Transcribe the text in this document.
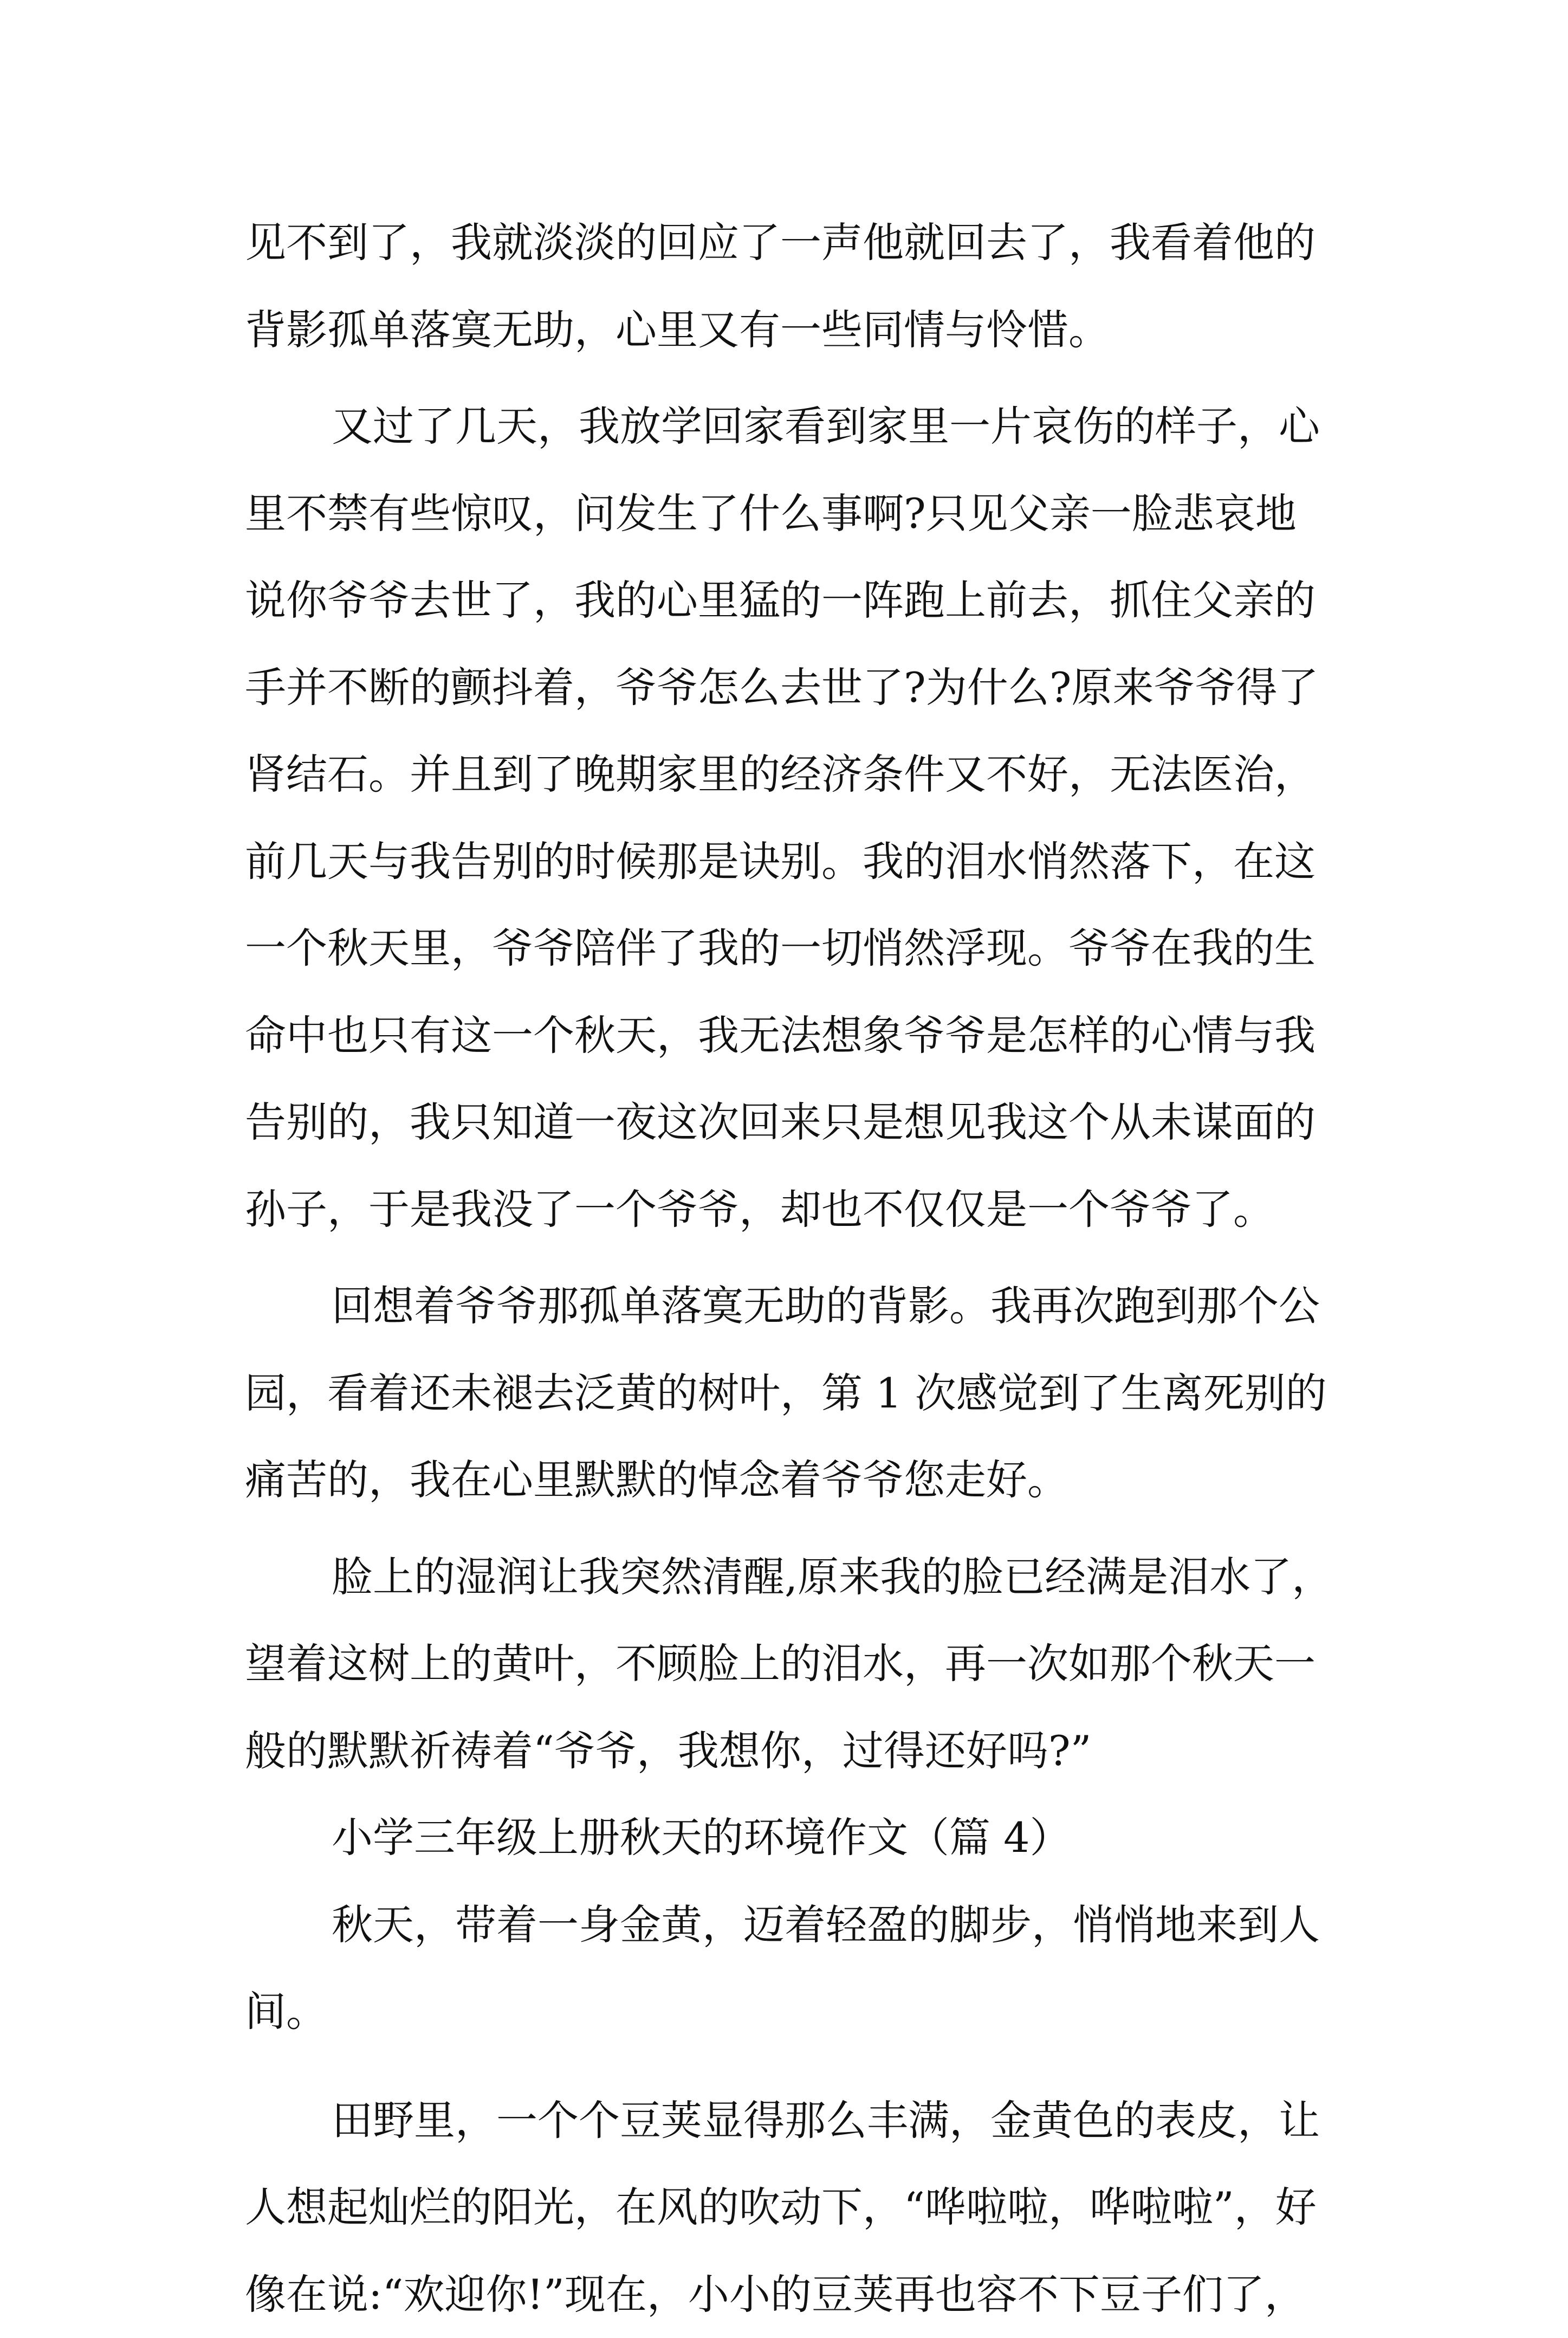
见不到了，我就淡淡的回应了一声他就回去了，我看着他的
背影孤单落寞无助，心里又有一些同情与怜惜。
又过了几天，我放学回家看到家里一片哀伤的样子，心
里不禁有些惊叹，问发生了什么事啊?只见父亲一脸悲哀地
说你爷爷去世了，我的心里猛的一阵跑上前去，抓住父亲的
手并不断的颤抖着，爷爷怎么去世了?为什么?原来爷爷得了
肾结石。并且到了晚期家里的经济条件又不好，无法医治，
前几天与我告别的时候那是诀别。我的泪水悄然落下，在这
一个秋天里，爷爷陪伴了我的一切悄然浮现。爷爷在我的生
命中也只有这一个秋天，我无法想象爷爷是怎样的心情与我
告别的，我只知道一夜这次回来只是想见我这个从未谋面的
孙子，于是我没了一个爷爷，却也不仅仅是一个爷爷了。
回想着爷爷那孤单落寞无助的背影。我再次跑到那个公
园，看着还未褪去泛黄的树叶，第 1 次感觉到了生离死别的
痛苦的，我在心里默默的悼念着爷爷您走好。
脸上的湿润让我突然清醒,原来我的脸已经满是泪水了，
望着这树上的黄叶，不顾脸上的泪水，再一次如那个秋天一
般的默默祈祷着“爷爷，我想你，过得还好吗?”
小学三年级上册秋天的环境作文（篇 4）
秋天，带着一身金黄，迈着轻盈的脚步，悄悄地来到人
间。
田野里，一个个豆荚显得那么丰满，金黄色的表皮，让
人想起灿烂的阳光，在风的吹动下，“哗啦啦，哗啦啦”，好
像在说:“欢迎你!”现在，小小的豆荚再也容不下豆子们了，
